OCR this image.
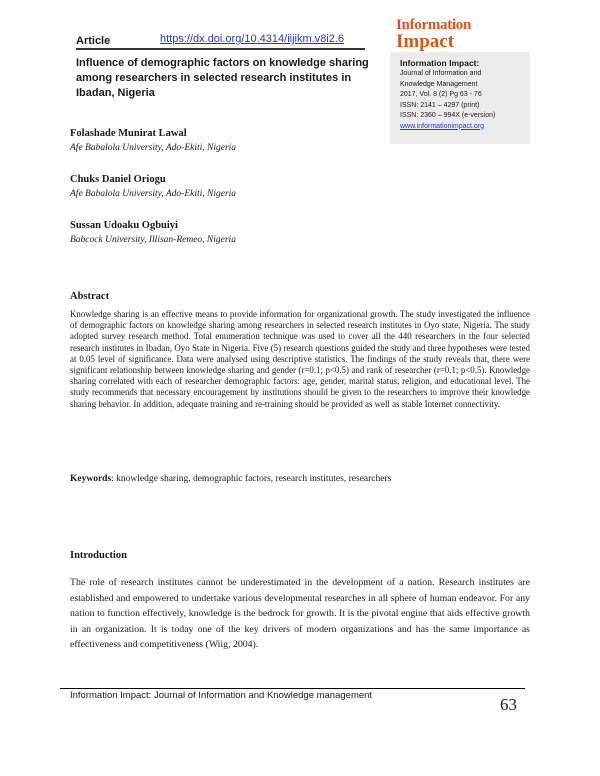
Article	https://dx.doi.org/10.4314/iijikm.v8i2.6
Information
Impact
Influence of demographic factors on knowledge sharing among researchers in selected research institutes in Ibadan, Nigeria
Information Impact:
Journal of Information and
Knowledge Management
2017, Vol. 8 (2) Pg 63 - 76
ISSN: 2141 – 4297 (print)
ISSN: 2360 – 994X (e-version)
www.informationimpact.org
Folashade Munirat Lawal
Afe Babalola University, Ado-Ekiti, Nigeria
Chuks Daniel Oriogu
Afe Babalola University, Ado-Ekiti, Nigeria
Sussan Udoaku Ogbuiyi
Babcock University, Illisan-Remeo, Nigeria
Abstract
Knowledge sharing is an effective means to provide information for organizational growth. The study investigated the influence of demographic factors on knowledge sharing among researchers in selected research institutes in Oyo state, Nigeria. The study adopted survey research method. Total enumeration technique was used to cover all the 440 researchers in the four selected research institutes in Ibadan, Oyo State in Nigeria. Five (5) research questions guided the study and three hypotheses were tested at 0.05 level of significance. Data were analysed using descriptive statistics. The findings of the study reveals that, there were significant relationship between knowledge sharing and gender (r=0.1; p<0.5) and rank of researcher (r=0.1; p<0.5). Knowledge sharing correlated with each of researcher demographic factors: age, gender, marital status, religion, and educational level. The study recommends that necessary encouragement by institutions should be given to the researchers to improve their knowledge sharing behavior. In addition, adequate training and re-training should be provided as well as stable Internet connectivity.
Keywords: knowledge sharing, demographic factors, research institutes, researchers
Introduction
The role of research institutes cannot be underestimated in the development of a nation. Research institutes are established and empowered to undertake various developmental researches in all sphere of human endeavor. For any nation to function effectively, knowledge is the bedrock for growth. It is the pivotal engine that aids effective growth in an organization. It is today one of the key drivers of modern organizations and has the same importance as effectiveness and competitiveness (Wiig, 2004).
Information Impact: Journal of Information and Knowledge management	63
